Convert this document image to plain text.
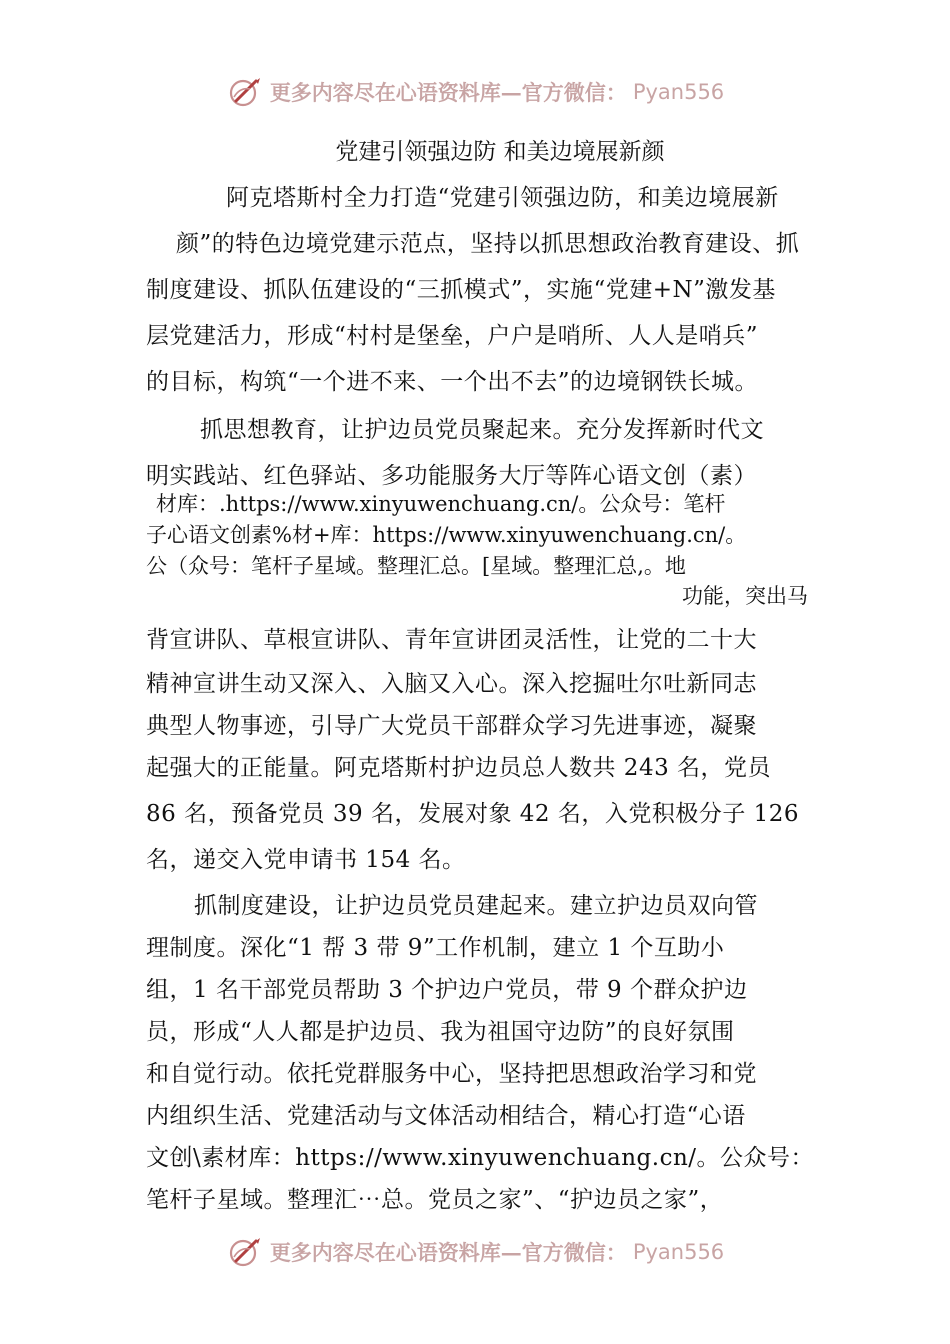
更多内容尽在心语资料库—官方微信： Pyan556
党建引领强边防 和美边境展新颜
阿克塔斯村全力打造“党建引领强边防，和美边境展新
颜”的特色边境党建示范点，坚持以抓思想政治教育建设、抓
制度建设、抓队伍建设的“三抓模式”，实施“党建+N”激发基
层党建活力，形成“村村是堡垒，户户是哨所、人人是哨兵”
的目标，构筑“一个进不来、一个出不去”的边境钢铁长城。
抓思想教育，让护边员党员聚起来。充分发挥新时代文
明实践站、红色驿站、多功能服务大厅等阵心语文创（素）
材库：.https://www.xinyuwenchuang.cn/。公众号：笔杆
子心语文创素%材+库：https://www.xinyuwenchuang.cn/。
公（众号：笔杆子星域。整理汇总。[星域。整理汇总,。地
功能，突出马
背宣讲队、草根宣讲队、青年宣讲团灵活性，让党的二十大
精神宣讲生动又深入、入脑又入心。深入挖掘吐尔吐新同志
典型人物事迹，引导广大党员干部群众学习先进事迹，凝聚
起强大的正能量。阿克塔斯村护边员总人数共 243 名，党员
86 名，预备党员 39 名，发展对象 42 名，入党积极分子 126
名，递交入党申请书 154 名。
抓制度建设，让护边员党员建起来。建立护边员双向管
理制度。深化“1 帮 3 带 9”工作机制，建立 1 个互助小
组，1 名干部党员帮助 3 个护边户党员，带 9 个群众护边
员，形成“人人都是护边员、我为祖国守边防”的良好氛围
和自觉行动。依托党群服务中心，坚持把思想政治学习和党
内组织生活、党建活动与文体活动相结合，精心打造“心语
文创\素材库：https://www.xinyuwenchuang.cn/。公众号：
笔杆子星域。整理汇⋯总。党员之家”、“护边员之家”，
更多内容尽在心语资料库—官方微信： Pyan556
